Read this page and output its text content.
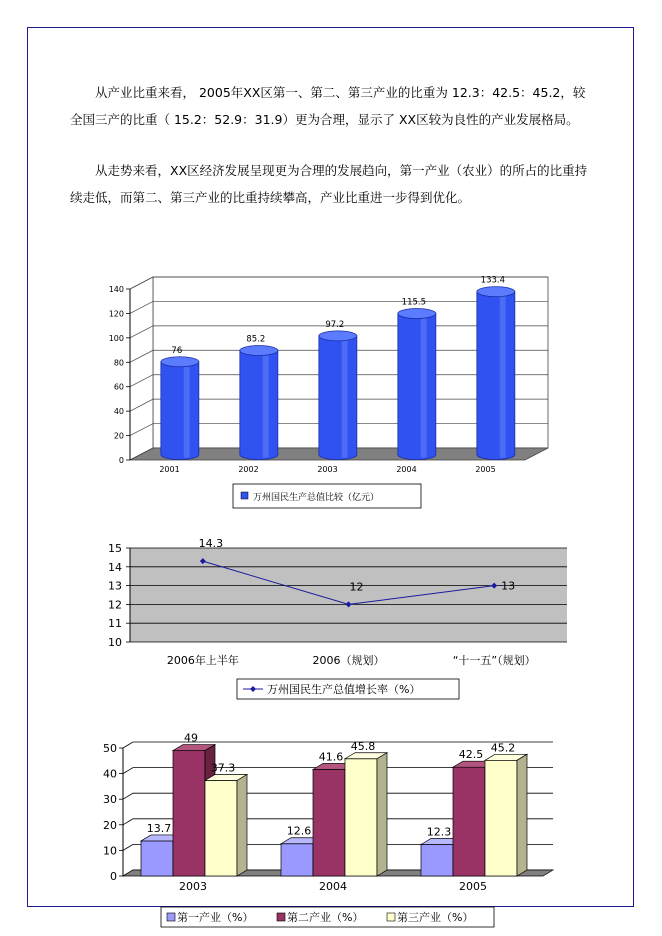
从产业比重来看， 2005年XX区第一、第二、第三产业的比重为 12.3：42.5：45.2，较全国三产的比重（ 15.2：52.9：31.9）更为合理，显示了 XX区较为良性的产业发展格局。

从走势来看，XX区经济发展呈现更为合理的发展趋向，第一产业（农业）的所占的比重持续走低，而第二、第三产业的比重持续攀高，产业比重进一步得到优化。

0
20
40
60
80
100
120
140
76
2001
85.2
2002
97.2
2003
115.5
2004
133.4
2005
万州国民生产总值比较（亿元）
10
11
12
13
14
15	14.3
2006年上半年
12
2006（规划）
13
“十一五”（规划）
万州国民生产总值增长率（%）
0
10
20
30
40
50
13.7
49
37.3
2003
12.6
41.6
45.8
2004
12.3
42.5
45.2
2005
第一产业（%）	第二产业（%）	第三产业（%）
